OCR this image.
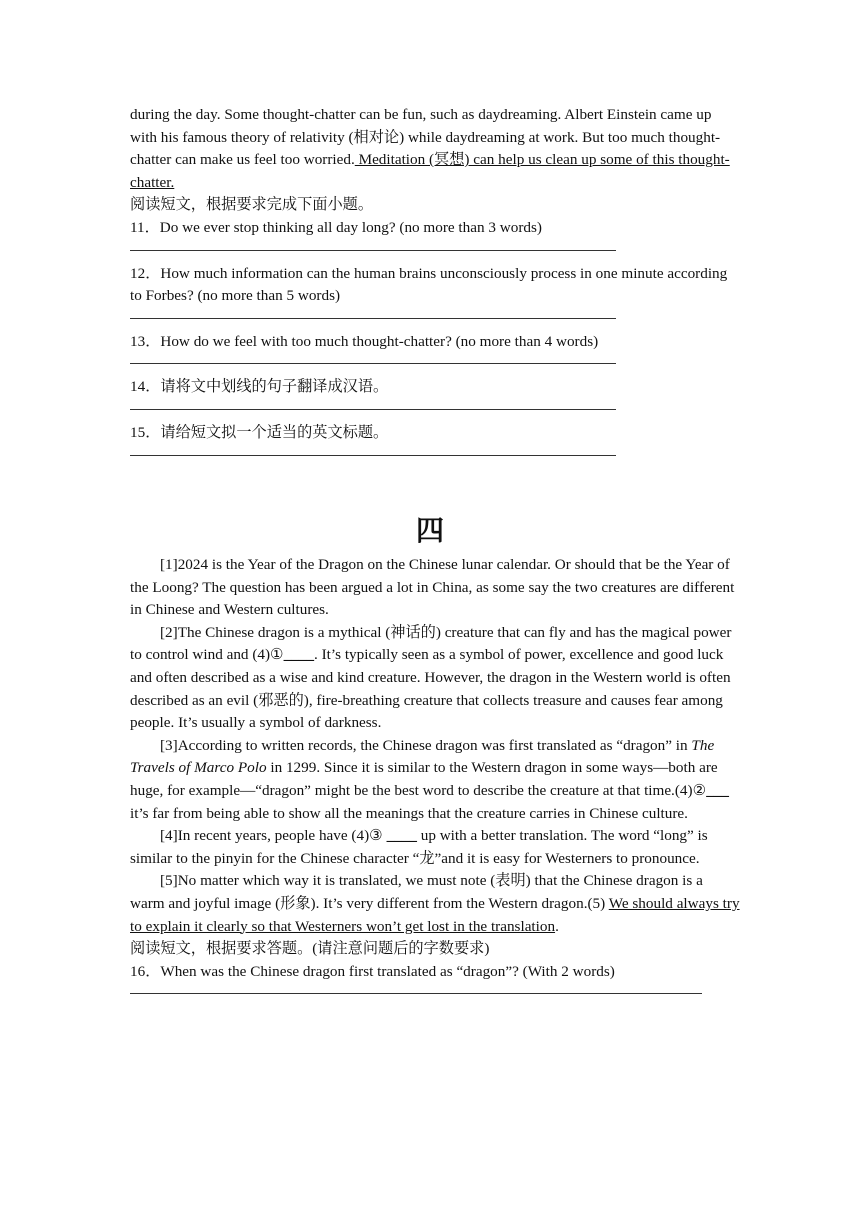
during the day. Some thought-chatter can be fun, such as daydreaming. Albert Einstein came up with his famous theory of relativity (相对论) while daydreaming at work. But too much thought-chatter can make us feel too worried. Meditation (冥想) can help us clean up some of this thought-chatter.

阅读短文，根据要求完成下面小题。

11．Do we ever stop thinking all day long? (no more than 3 words)

12．How much information can the human brains unconsciously process in one minute according to Forbes? (no more than 5 words)

13．How do we feel with too much thought-chatter? (no more than 4 words)

14．请将文中划线的句子翻译成汉语。

15．请给短文拟一个适当的英文标题。

四

[1]2024 is the Year of the Dragon on the Chinese lunar calendar. Or should that be the Year of the Loong? The question has been argued a lot in China, as some say the two creatures are different in Chinese and Western cultures.

[2]The Chinese dragon is a mythical (神话的) creature that can fly and has the magical power to control wind and (4)①____. It’s typically seen as a symbol of power, excellence and good luck and often described as a wise and kind creature. However, the dragon in the Western world is often described as an evil (邪恶的), fire-breathing creature that collects treasure and causes fear among people. It’s usually a symbol of darkness.

[3]According to written records, the Chinese dragon was first translated as “dragon” in The Travels of Marco Polo in 1299. Since it is similar to the Western dragon in some ways—both are huge, for example—“dragon” might be the best word to describe the creature at that time.(4)②___ it’s far from being able to show all the meanings that the creature carries in Chinese culture.

[4]In recent years, people have (4)③ ____ up with a better translation. The word “long” is similar to the pinyin for the Chinese character “龙”and it is easy for Westerners to pronounce.

[5]No matter which way it is translated, we must note (表明) that the Chinese dragon is a warm and joyful image (形象). It’s very different from the Western dragon.(5) We should always try to explain it clearly so that Westerners won’t get lost in the translation.

阅读短文，根据要求答题。(请注意问题后的字数要求)

16．When was the Chinese dragon first translated as “dragon”? (With 2 words)
